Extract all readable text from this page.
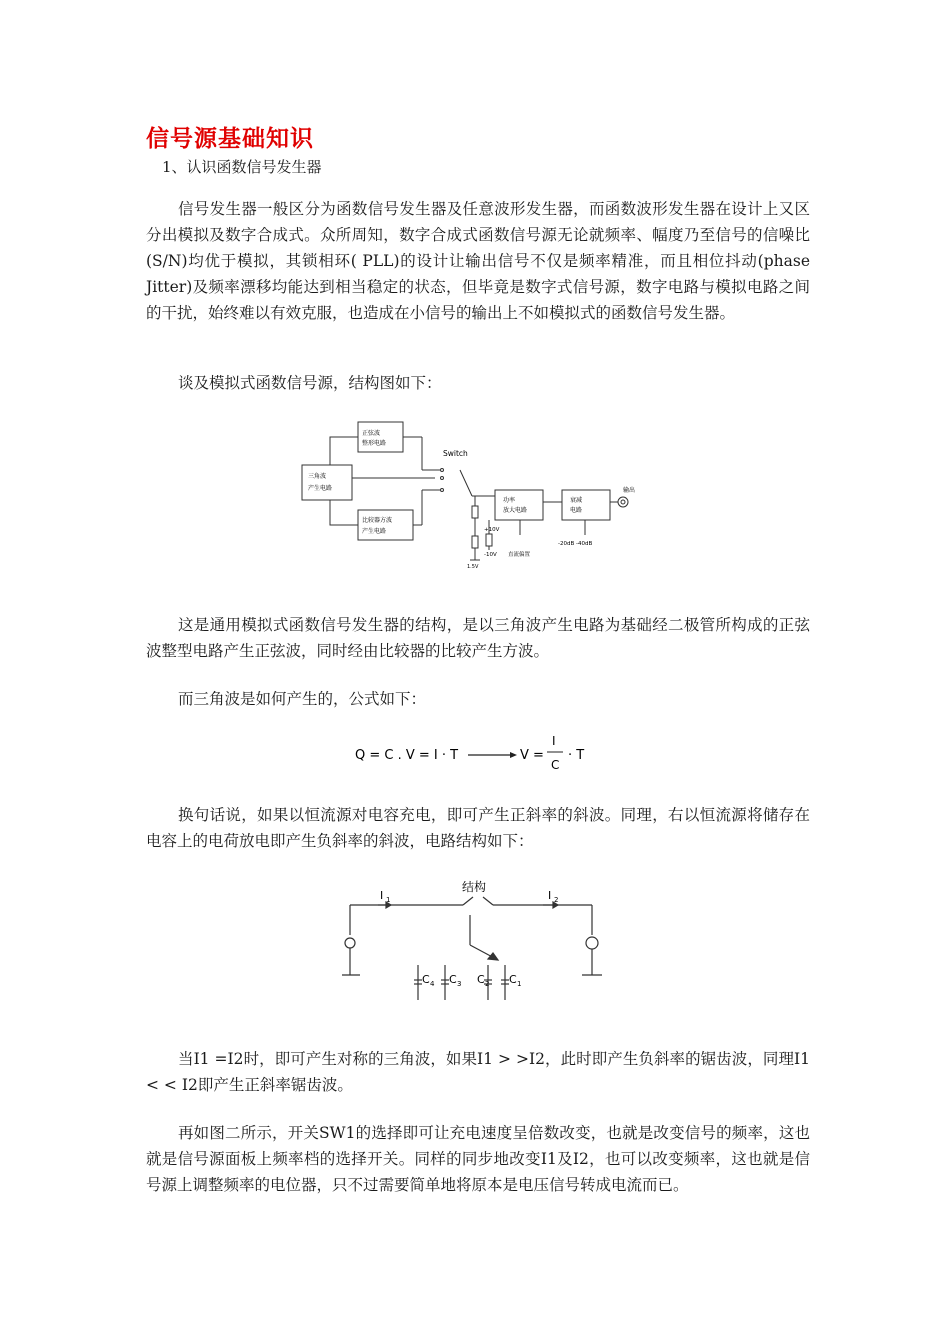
信号源基础知识
1、认识函数信号发生器
信号发生器一般区分为函数信号发生器及任意波形发生器，而函数波形发生器在设计上又区分出模拟及数字合成式。众所周知，数字合成式函数信号源无论就频率、幅度乃至信号的信噪比(S/N)均优于模拟，其锁相环( PLL)的设计让输出信号不仅是频率精准，而且相位抖动(phase Jitter)及频率漂移均能达到相当稳定的状态，但毕竟是数字式信号源，数字电路与模拟电路之间的干扰，始终难以有效克服，也造成在小信号的输出上不如模拟式的函数信号发生器。
谈及模拟式函数信号源，结构图如下：
正弦波
整形电路
三角波
产生电路
比较器方波
产生电路
Switch
功率
放大电路
衰减
电路
输出
+10V
-10V 直流偏置
-20dB -40dB
1.5V
这是通用模拟式函数信号发生器的结构，是以三角波产生电路为基础经二极管所构成的正弦波整型电路产生正弦波，同时经由比较器的比较产生方波。
而三角波是如何产生的，公式如下：
Q = C . V = I · T	V =
I
C
· T
换句话说，如果以恒流源对电容充电，即可产生正斜率的斜波。同理，右以恒流源将储存在电容上的电荷放电即产生负斜率的斜波，电路结构如下：
结构
I 1	I 2
C 4 C 3 C 2 C 1
当I1 =I2时，即可产生对称的三角波，如果I1 > >I2，此时即产生负斜率的锯齿波，同理I1 < < I2即产生正斜率锯齿波。
再如图二所示，开关SW1的选择即可让充电速度呈倍数改变，也就是改变信号的频率，这也就是信号源面板上频率档的选择开关。同样的同步地改变I1及I2，也可以改变频率，这也就是信号源上调整频率的电位器，只不过需要简单地将原本是电压信号转成电流而已。
